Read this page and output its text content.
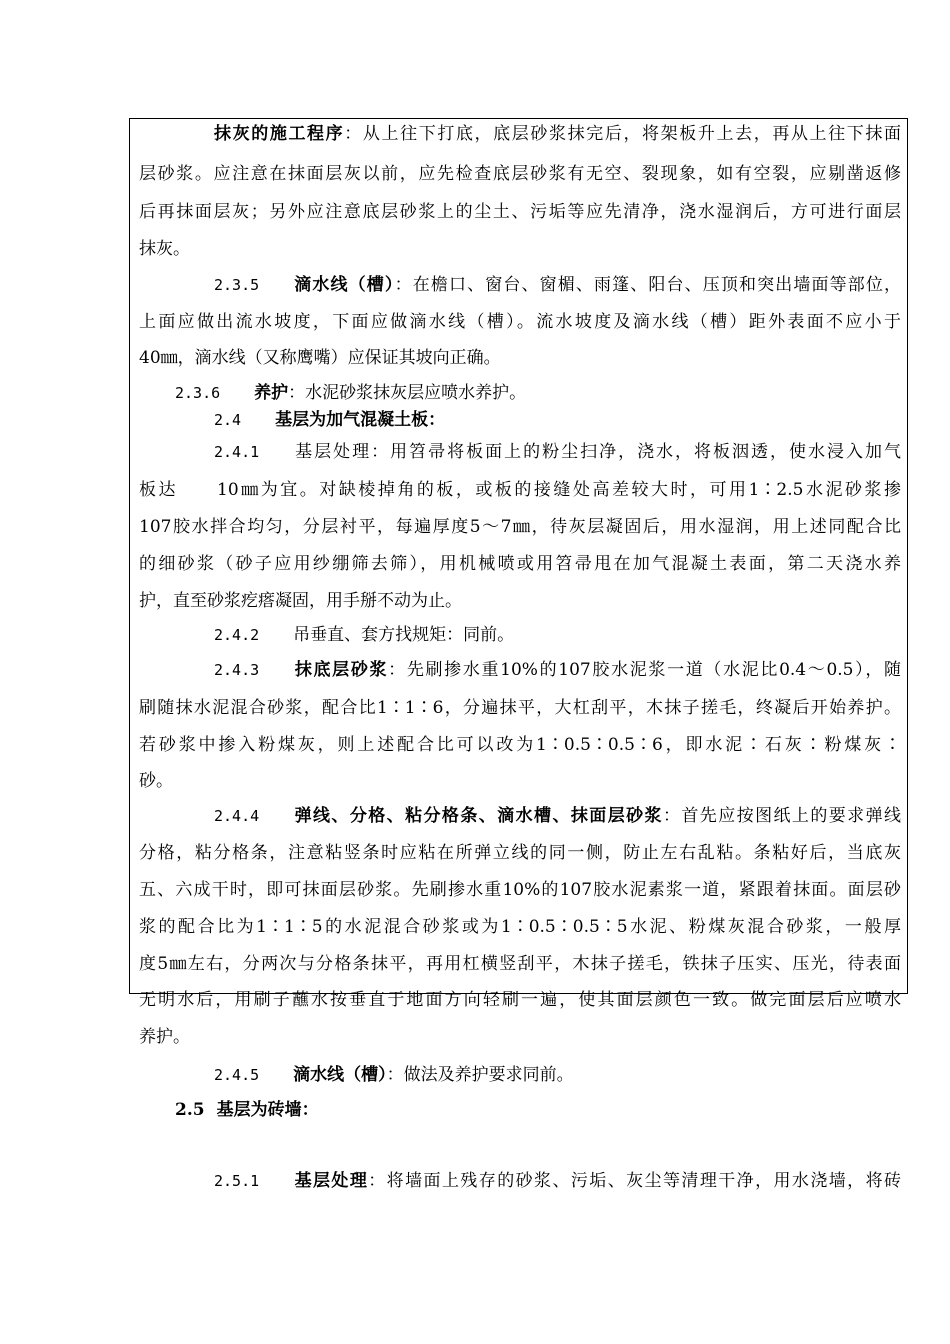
抹灰的施工程序：从上往下打底，底层砂浆抹完后，将架板升上去，再从上往下抹面
层砂浆。应注意在抹面层灰以前，应先检查底层砂浆有无空、裂现象，如有空裂，应剔凿返修
后再抹面层灰；另外应注意底层砂浆上的尘土、污垢等应先清净，浇水湿润后，方可进行面层
抹灰。
2.3.5 滴水线（槽）：在檐口、窗台、窗楣、雨篷、阳台、压顶和突出墙面等部位，
上面应做出流水坡度，下面应做滴水线（槽）。流水坡度及滴水线（槽）距外表面不应小于
40㎜，滴水线（又称鹰嘴）应保证其坡向正确。
2.3.6 养护：水泥砂浆抹灰层应喷水养护。
2.4 基层为加气混凝土板：
2.4.1 基层处理：用笤帚将板面上的粉尘扫净，浇水，将板洇透，使水浸入加气
板达　　10㎜为宜。对缺棱掉角的板，或板的接缝处高差较大时，可用1∶2.5水泥砂浆掺
107胶水拌合均匀，分层衬平，每遍厚度5～7㎜，待灰层凝固后，用水湿润，用上述同配合比
的细砂浆（砂子应用纱绷筛去筛），用机械喷或用笤帚甩在加气混凝土表面，第二天浇水养
护，直至砂浆疙瘩凝固，用手掰不动为止。
2.4.2 吊垂直、套方找规矩：同前。
2.4.3 抹底层砂浆：先刷掺水重10%的107胶水泥浆一道（水泥比0.4～0.5），随
刷随抹水泥混合砂浆，配合比1∶1∶6，分遍抹平，大杠刮平，木抹子搓毛，终凝后开始养护。
若砂浆中掺入粉煤灰，则上述配合比可以改为1∶0.5∶0.5∶6，即水泥∶石灰∶粉煤灰∶
砂。
2.4.4 弹线、分格、粘分格条、滴水槽、抹面层砂浆：首先应按图纸上的要求弹线
分格，粘分格条，注意粘竖条时应粘在所弹立线的同一侧，防止左右乱粘。条粘好后，当底灰
五、六成干时，即可抹面层砂浆。先刷掺水重10%的107胶水泥素浆一道，紧跟着抹面。面层砂
浆的配合比为1∶1∶5的水泥混合砂浆或为1∶0.5∶0.5∶5水泥、粉煤灰混合砂浆，一般厚
度5㎜左右，分两次与分格条抹平，再用杠横竖刮平，木抹子搓毛，铁抹子压实、压光，待表面
无明水后，用刷子蘸水按垂直于地面方向轻刷一遍，使其面层颜色一致。做完面层后应喷水
养护。
2.4.5 滴水线（槽）：做法及养护要求同前。
2.5 基层为砖墙：
2.5.1 基层处理：将墙面上残存的砂浆、污垢、灰尘等清理干净，用水浇墙，将砖
